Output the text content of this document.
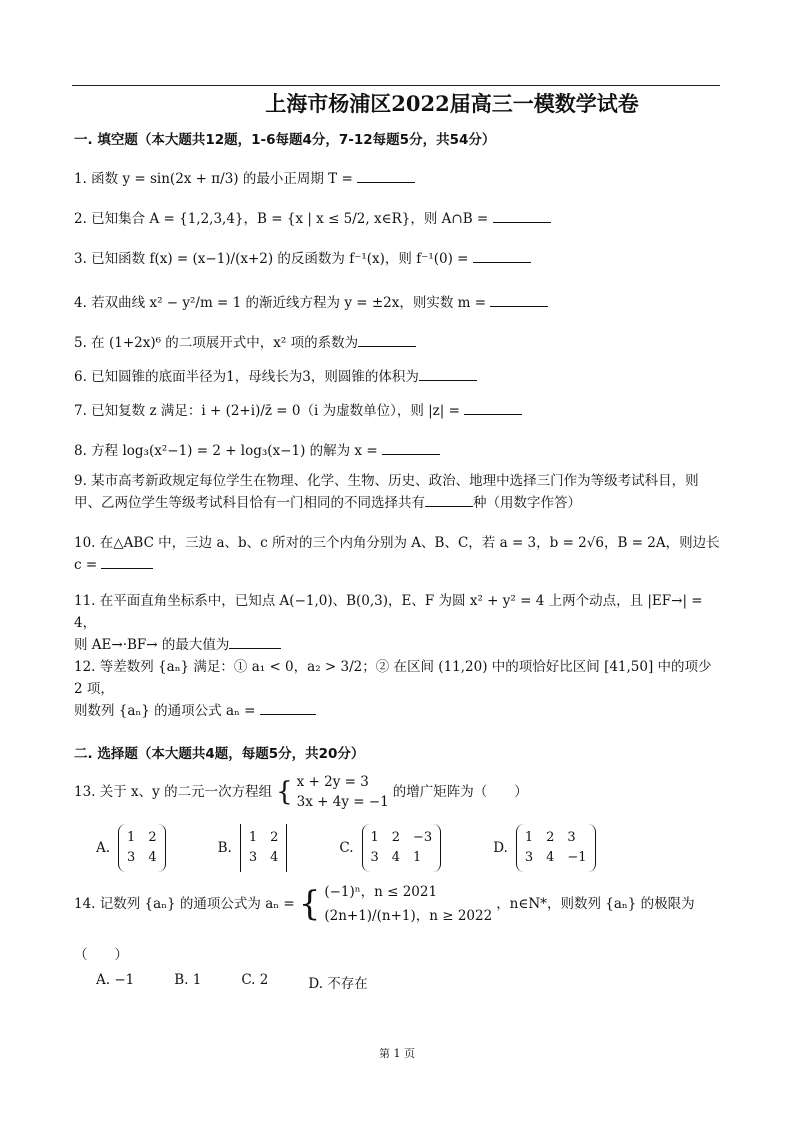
上海市杨浦区2022届高三一模数学试卷
一. 填空题（本大题共12题，1-6每题4分，7-12每题5分，共54分）
1. 函数 y = sin(2x + π/3) 的最小正周期 T =
2. 已知集合 A = {1,2,3,4}，B = {x | x ≤ 5/2, x∈R}，则 A∩B =
3. 已知函数 f(x) = (x−1)/(x+2) 的反函数为 f⁻¹(x)，则 f⁻¹(0) =
4. 若双曲线 x² − y²/m = 1 的渐近线方程为 y = ±2x，则实数 m =
5. 在 (1+2x)⁶ 的二项展开式中，x² 项的系数为
6. 已知圆锥的底面半径为1，母线长为3，则圆锥的体积为
7. 已知复数 z 满足：i + (2+i)/z̄ = 0（i 为虚数单位），则 |z| =
8. 方程 log₃(x²−1) = 2 + log₃(x−1) 的解为 x =
9. 某市高考新政规定每位学生在物理、化学、生物、历史、政治、地理中选择三门作为等级考试科目，则甲、乙两位学生等级考试科目恰有一门相同的不同选择共有	种（用数字作答）
10. 在△ABC 中，三边 a、b、c 所对的三个内角分别为 A、B、C，若 a = 3，b = 2√6，B = 2A，则边长
c =
11. 在平面直角坐标系中，已知点 A(−1,0)、B(0,3)，E、F 为圆 x² + y² = 4 上两个动点，且 |EF→| = 4，
则 AE→·BF→ 的最大值为
12. 等差数列 {aₙ} 满足：① a₁ < 0，a₂ > 3/2；② 在区间 (11,20) 中的项恰好比区间 [41,50] 中的项少 2 项，
则数列 {aₙ} 的通项公式 aₙ =
二. 选择题（本大题共4题，每题5分，共20分）
13. 关于 x、y 的二元一次方程组 { x + 2y = 3
3x + 4y = −1
的增广矩阵为（　　）
A.
1　2
3　4
B.
1　2
3　4
C.
1　2　−3
3　4　1
D.
1　2　3
3　4　−1
14. 记数列 {aₙ} 的通项公式为 aₙ = { (−1)ⁿ，n ≤ 2021
(2n+1)/(n+1)，n ≥ 2022
，n∈N*，则数列 {aₙ} 的极限为
（　　）
A. −1	B. 1	C. 2	D. 不存在
第 1 页
